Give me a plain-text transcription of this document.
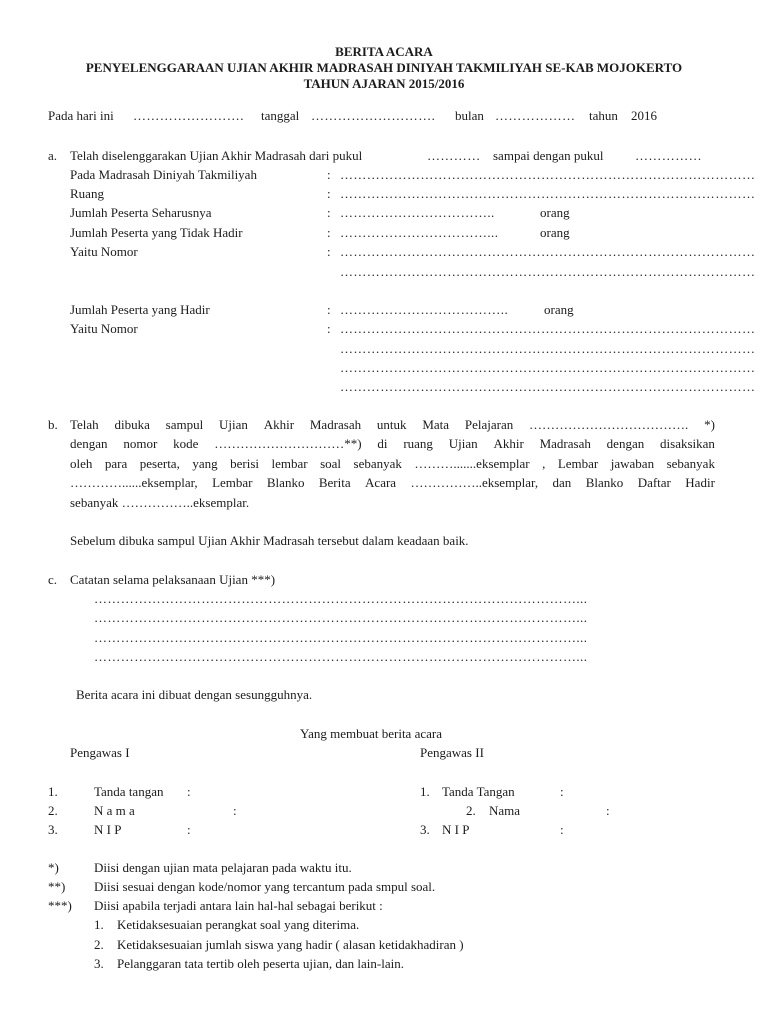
BERITA ACARA
PENYELENGGARAAN UJIAN AKHIR MADRASAH DINIYAH TAKMILIYAH SE-KAB MOJOKERTO
TAHUN AJARAN 2015/2016
Pada hari ini …………………….	tanggal ……………………….	bulan ………………	tahun 2016
a. Telah diselenggarakan Ujian Akhir Madrasah dari pukul	………… sampai dengan pukul ……………
Pada Madrasah Diniyah Takmiliyah	: …………………………………………………………………………………
Ruang	: …………………………………………………………………………………
Jumlah Peserta Seharusnya	: ……………………………..	orang
Jumlah Peserta yang Tidak Hadir	: ……………………………...	orang
Yaitu Nomor	: …………………………………………………………………………………
…………………………………………………………………………………
Jumlah Peserta yang Hadir	: ………………………………..	orang
Yaitu Nomor	: …………………………………………………………………………………
…………………………………………………………………………………
…………………………………………………………………………………
…………………………………………………………………………………
b. Telah dibuka sampul Ujian Akhir Madrasah untuk Mata Pelajaran ………………………………. *)
dengan nomor kode …………………………**) di ruang Ujian Akhir Madrasah dengan disaksikan
oleh para peserta, yang berisi lembar soal sebanyak ……….......eksemplar , Lembar jawaban sebanyak
…………......eksemplar, Lembar Blanko Berita Acara ……………..eksemplar, dan Blanko Daftar Hadir
sebanyak ……………..eksemplar.
Sebelum dibuka sampul Ujian Akhir Madrasah tersebut dalam keadaan baik.
c. Catatan selama pelaksanaan Ujian ***)
………………………………………………………………………………………………...
………………………………………………………………………………………………...
………………………………………………………………………………………………...
………………………………………………………………………………………………...
Berita acara ini dibuat dengan sesungguhnya.
Yang membuat berita acara
Pengawas I	Pengawas II
1.	Tanda tangan :
2.	N a m a	:
3.	N I P	:
1. Tanda Tangan	:
2. Nama	:
3. N I P	:
*)	Diisi dengan ujian mata pelajaran pada waktu itu.
**) Diisi sesuai dengan kode/nomor yang tercantum pada smpul soal.
***) Diisi apabila terjadi antara lain hal-hal sebagai berikut :
1. Ketidaksesuaian perangkat soal yang diterima.
2. Ketidaksesuaian jumlah siswa yang hadir ( alasan ketidakhadiran )
3. Pelanggaran tata tertib oleh peserta ujian, dan lain-lain.
